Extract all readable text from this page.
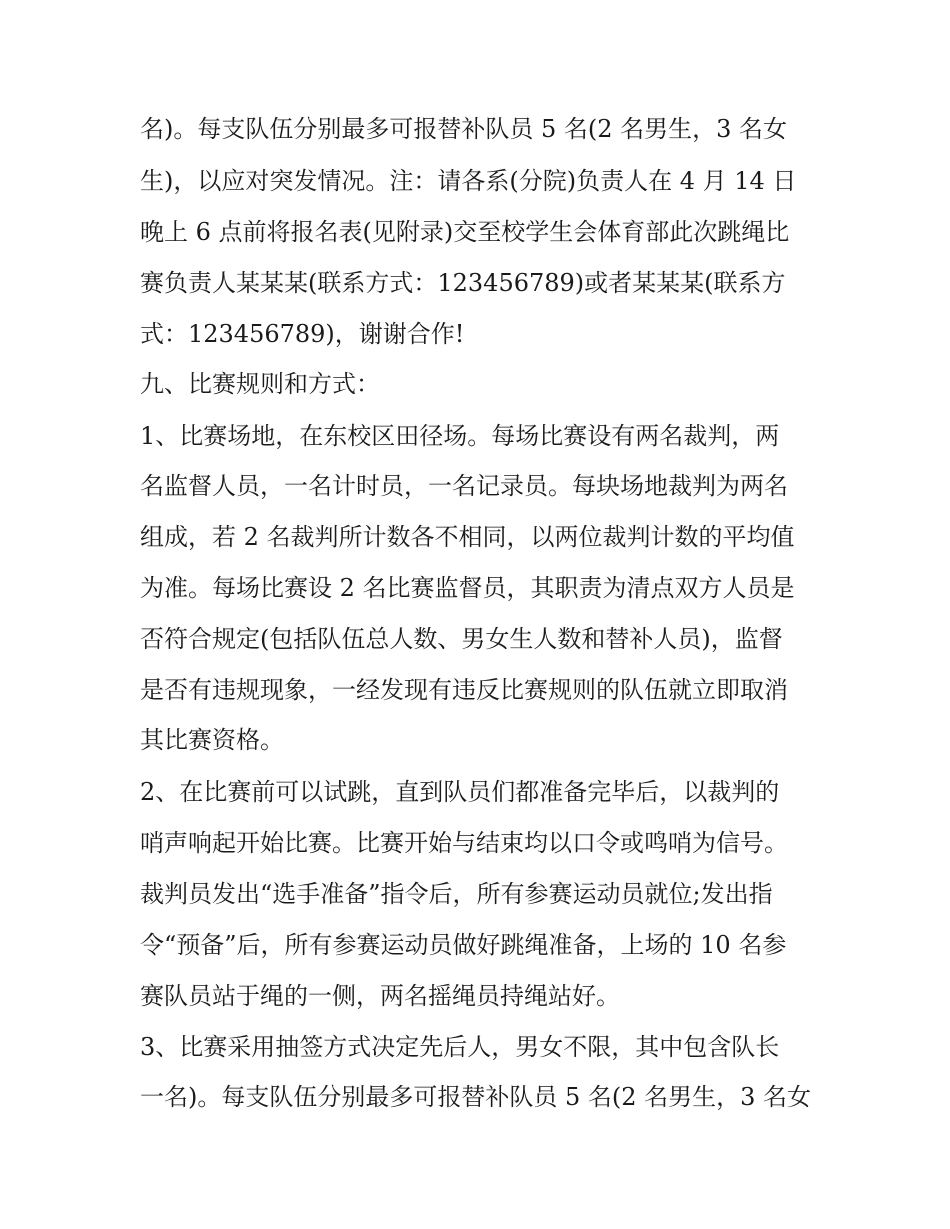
名)。每支队伍分别最多可报替补队员 5 名(2 名男生，3 名女
生)，以应对突发情况。注：请各系(分院)负责人在 4 月 14 日
晚上 6 点前将报名表(见附录)交至校学生会体育部此次跳绳比
赛负责人某某某(联系方式：123456789)或者某某某(联系方
式：123456789)，谢谢合作!
九、比赛规则和方式：
1、比赛场地，在东校区田径场。每场比赛设有两名裁判，两
名监督人员，一名计时员，一名记录员。每块场地裁判为两名
组成，若 2 名裁判所计数各不相同，以两位裁判计数的平均值
为准。每场比赛设 2 名比赛监督员，其职责为清点双方人员是
否符合规定(包括队伍总人数、男女生人数和替补人员)，监督
是否有违规现象，一经发现有违反比赛规则的队伍就立即取消
其比赛资格。
2、在比赛前可以试跳，直到队员们都准备完毕后，以裁判的
哨声响起开始比赛。比赛开始与结束均以口令或鸣哨为信号。
裁判员发出“选手准备”指令后，所有参赛运动员就位;发出指
令“预备”后，所有参赛运动员做好跳绳准备，上场的 10 名参
赛队员站于绳的一侧，两名摇绳员持绳站好。
3、比赛采用抽签方式决定先后人，男女不限，其中包含队长
一名)。每支队伍分别最多可报替补队员 5 名(2 名男生，3 名女
